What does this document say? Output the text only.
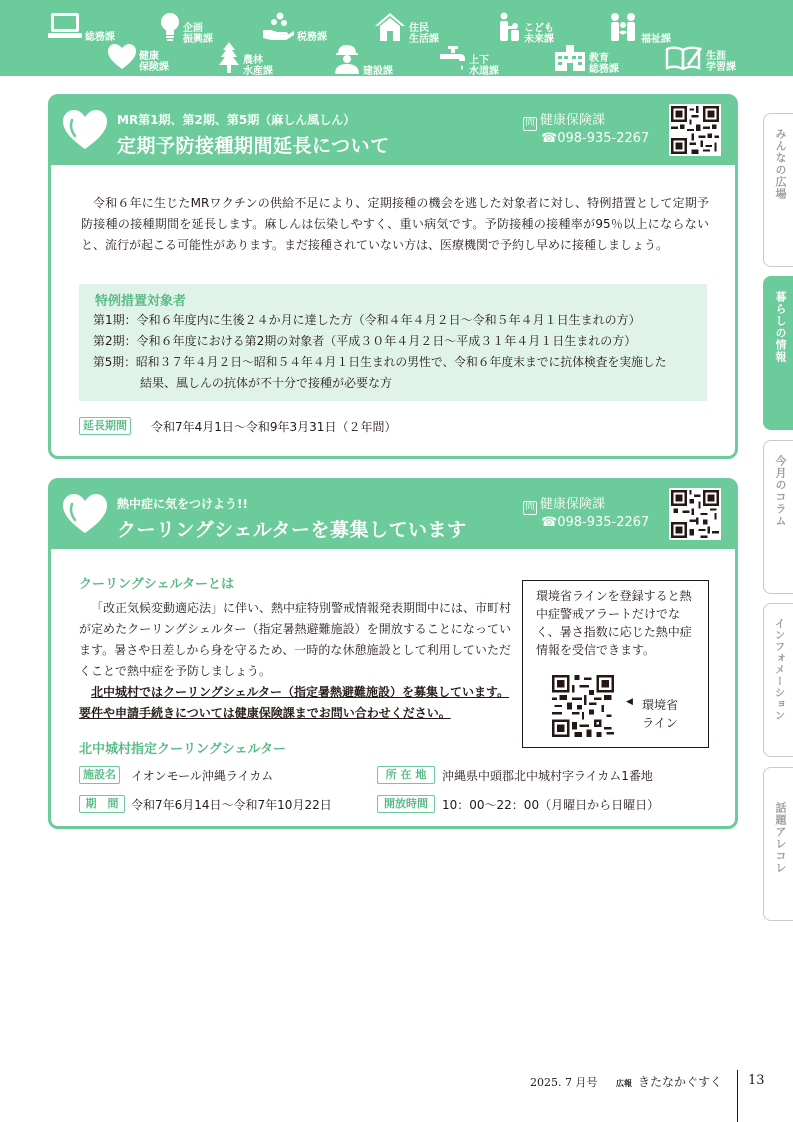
総務課
企画
振興課	税務課
住民
生活課
こども
未来課	福祉課
健康
保険課
農林
水産課	建設課
上下
水道課
教育
総務課
生涯
学習課
みんなの広場
暮らしの情報
今月のコラム
インフォメーション
話題アレコレ
MR第1期、第2期、第5期（麻しん風しん）
定期予防接種期間延長について
問 健康保険課
☎098-935-2267
令和６年に生じたMRワクチンの供給不足により、定期接種の機会を逃した対象者に対し、特例措置として定期予防接種の接種期間を延長します。麻しんは伝染しやすく、重い病気です。予防接種の接種率が95％以上にならないと、流行が起こる可能性があります。まだ接種されていない方は、医療機関で予約し早めに接種しましょう。
特例措置対象者
第1期：令和６年度内に生後２４か月に達した方（令和４年４月２日～令和５年４月１日生まれの方）
第2期：令和６年度における第2期の対象者（平成３０年４月２日～平成３１年４月１日生まれの方）
第5期：昭和３７年４月２日～昭和５４年４月１日生まれの男性で、令和６年度末までに抗体検査を実施した
結果、風しんの抗体が不十分で接種が必要な方
延長期間	令和7年4月1日～令和9年3月31日（２年間）
熱中症に気をつけよう!!
クーリングシェルターを募集しています
問 健康保険課
☎098-935-2267
クーリングシェルターとは
「改正気候変動適応法」に伴い、熱中症特別警戒情報発表期間中には、市町村が定めたクーリングシェルター（指定暑熱避難施設）を開放することになっています。暑さや日差しから身を守るため、一時的な休憩施設として利用していただくことで熱中症を予防しましょう。
北中城村ではクーリングシェルター（指定暑熱避難施設）を募集しています。要件や申請手続きについては健康保険課までお問い合わせください。
環境省ラインを登録すると熱中症警戒アラートだけでなく、暑さ指数に応じた熱中症情報を受信できます。
◀ 環境省
ライン
北中城村指定クーリングシェルター
施設名	イオンモール沖縄ライカム	所 在 地	沖縄県中頭郡北中城村字ライカム1番地
期　間	令和7年6月14日～令和7年10月22日	開放時間	10：00～22：00（月曜日から日曜日）
2025. 7 月号 広報 きたなかぐすく 13
